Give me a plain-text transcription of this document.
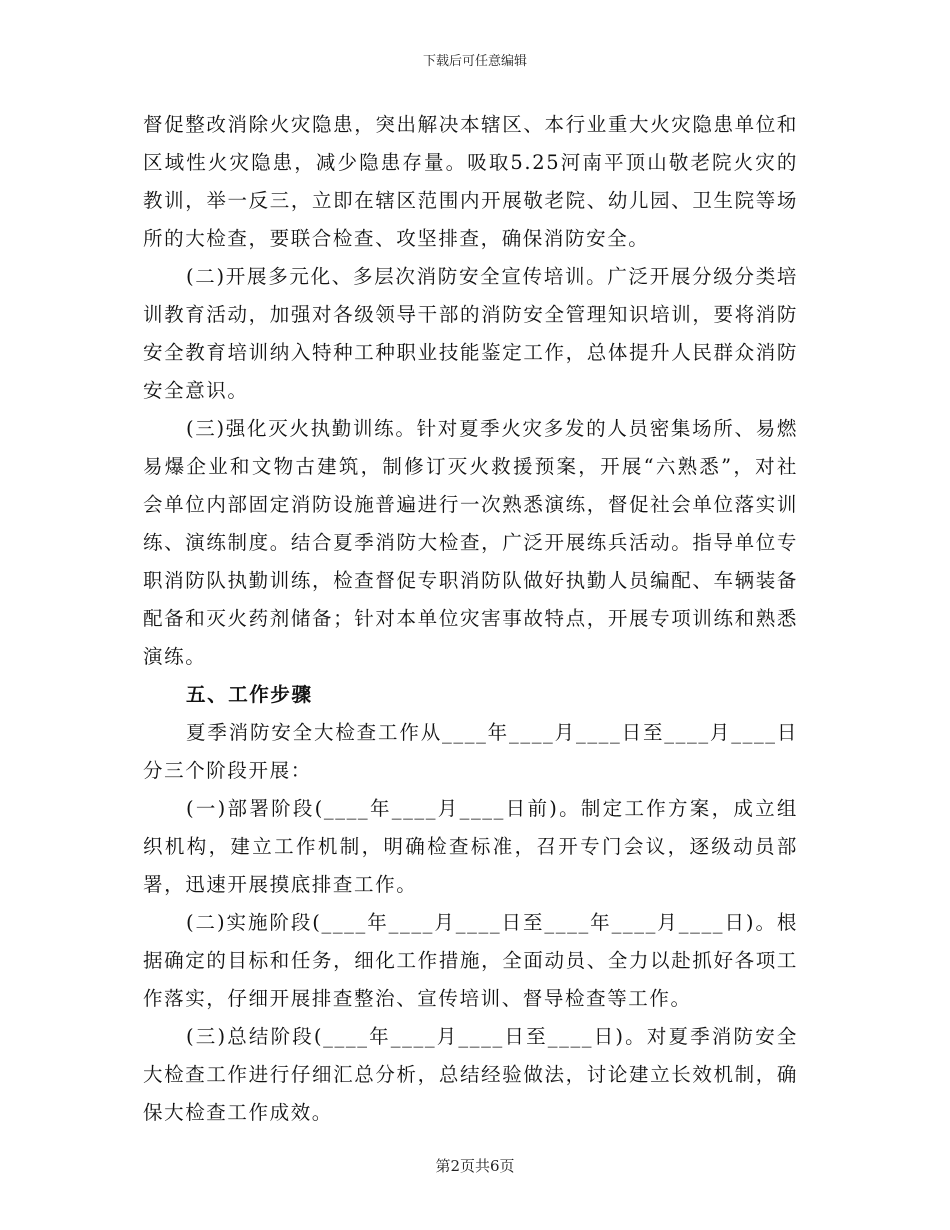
下载后可任意编辑

督促整改消除火灾隐患，突出解决本辖区、本行业重大火灾隐患单位和区域性火灾隐患，减少隐患存量。吸取5.25河南平顶山敬老院火灾的教训，举一反三，立即在辖区范围内开展敬老院、幼儿园、卫生院等场所的大检查，要联合检查、攻坚排查，确保消防安全。

(二)开展多元化、多层次消防安全宣传培训。广泛开展分级分类培训教育活动，加强对各级领导干部的消防安全管理知识培训，要将消防安全教育培训纳入特种工种职业技能鉴定工作，总体提升人民群众消防安全意识。

(三)强化灭火执勤训练。针对夏季火灾多发的人员密集场所、易燃易爆企业和文物古建筑，制修订灭火救援预案，开展“六熟悉”，对社会单位内部固定消防设施普遍进行一次熟悉演练，督促社会单位落实训练、演练制度。结合夏季消防大检查，广泛开展练兵活动。指导单位专职消防队执勤训练，检查督促专职消防队做好执勤人员编配、车辆装备配备和灭火药剂储备；针对本单位灾害事故特点，开展专项训练和熟悉演练。

五、工作步骤

夏季消防安全大检查工作从____年____月____日至____月____日分三个阶段开展：

(一)部署阶段(____年____月____日前)。制定工作方案，成立组织机构，建立工作机制，明确检查标准，召开专门会议，逐级动员部署，迅速开展摸底排查工作。

(二)实施阶段(____年____月____日至____年____月____日)。根据确定的目标和任务，细化工作措施，全面动员、全力以赴抓好各项工作落实，仔细开展排查整治、宣传培训、督导检查等工作。

(三)总结阶段(____年____月____日至____日)。对夏季消防安全大检查工作进行仔细汇总分析，总结经验做法，讨论建立长效机制，确保大检查工作成效。

第2页共6页
